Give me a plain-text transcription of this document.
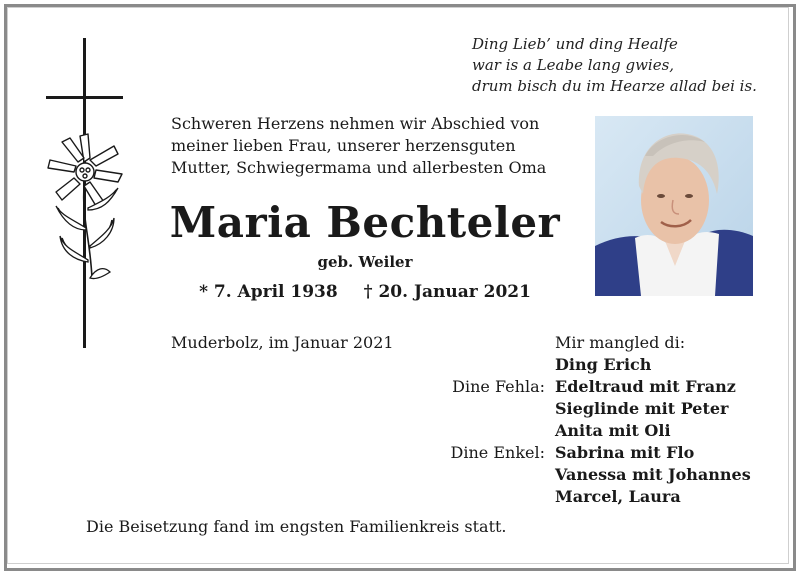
Ding Lieb’ und ding Healfe
war is a Leabe lang gwies,
drum bisch du im Hearze allad bei is.
Schweren Herzens nehmen wir Abschied von
meiner lieben Frau, unserer herzensguten
Mutter, Schwiegermama und allerbesten Oma
Maria Bechteler
geb. Weiler
* 7. April 1938 † 20. Januar 2021
Muderbolz, im Januar 2021	Mir mangled di:
Ding Erich
Dine Fehla: Edeltraud mit Franz
Sieglinde mit Peter
Anita mit Oli
Dine Enkel: Sabrina mit Flo
Vanessa mit Johannes
Marcel, Laura
Die Beisetzung fand im engsten Familienkreis statt.
